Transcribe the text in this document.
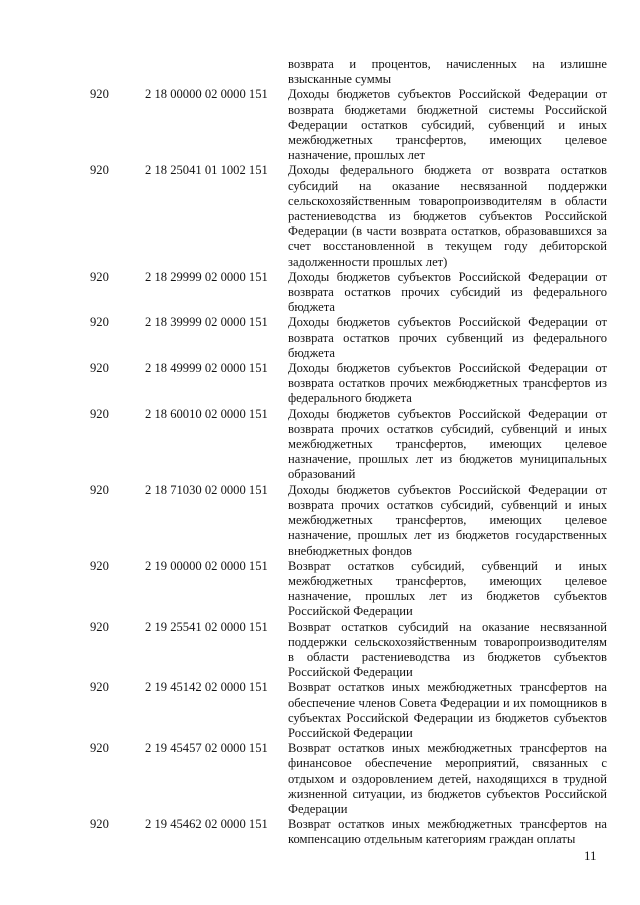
возврата и процентов, начисленных на излишне взысканные суммы
920	2 18 00000 02 0000 151	Доходы бюджетов субъектов Российской Федерации от возврата бюджетами бюджетной системы Российской Федерации остатков субсидий, субвенций и иных межбюджетных трансфертов, имеющих целевое назначение, прошлых лет
920	2 18 25041 01 1002 151	Доходы федерального бюджета от возврата остатков субсидий на оказание несвязанной поддержки сельскохозяйственным товаропроизводителям в области растениеводства из бюджетов субъектов Российской Федерации (в части возврата остатков, образовавшихся за счет восстановленной в текущем году дебиторской задолженности прошлых лет)
920	2 18 29999 02 0000 151	Доходы бюджетов субъектов Российской Федерации от возврата остатков прочих субсидий из федерального бюджета
920	2 18 39999 02 0000 151	Доходы бюджетов субъектов Российской Федерации от возврата остатков прочих субвенций из федерального бюджета
920	2 18 49999 02 0000 151	Доходы бюджетов субъектов Российской Федерации от возврата остатков прочих межбюджетных трансфертов из федерального бюджета
920	2 18 60010 02 0000 151	Доходы бюджетов субъектов Российской Федерации от возврата прочих остатков субсидий, субвенций и иных межбюджетных трансфертов, имеющих целевое назначение, прошлых лет из бюджетов муниципальных образований
920	2 18 71030 02 0000 151	Доходы бюджетов субъектов Российской Федерации от возврата прочих остатков субсидий, субвенций и иных межбюджетных трансфертов, имеющих целевое назначение, прошлых лет из бюджетов государственных внебюджетных фондов
920	2 19 00000 02 0000 151	Возврат остатков субсидий, субвенций и иных межбюджетных трансфертов, имеющих целевое назначение, прошлых лет из бюджетов субъектов Российской Федерации
920	2 19 25541 02 0000 151	Возврат остатков субсидий на оказание несвязанной поддержки сельскохозяйственным товаропроизводителям в области растениеводства из бюджетов субъектов Российской Федерации
920	2 19 45142 02 0000 151	Возврат остатков иных межбюджетных трансфертов на обеспечение членов Совета Федерации и их помощников в субъектах Российской Федерации из бюджетов субъектов Российской Федерации
920	2 19 45457 02 0000 151	Возврат остатков иных межбюджетных трансфертов на финансовое обеспечение мероприятий, связанных с отдыхом и оздоровлением детей, находящихся в трудной жизненной ситуации, из бюджетов субъектов Российской Федерации
920	2 19 45462 02 0000 151	Возврат остатков иных межбюджетных трансфертов на компенсацию отдельным категориям граждан оплаты
11
